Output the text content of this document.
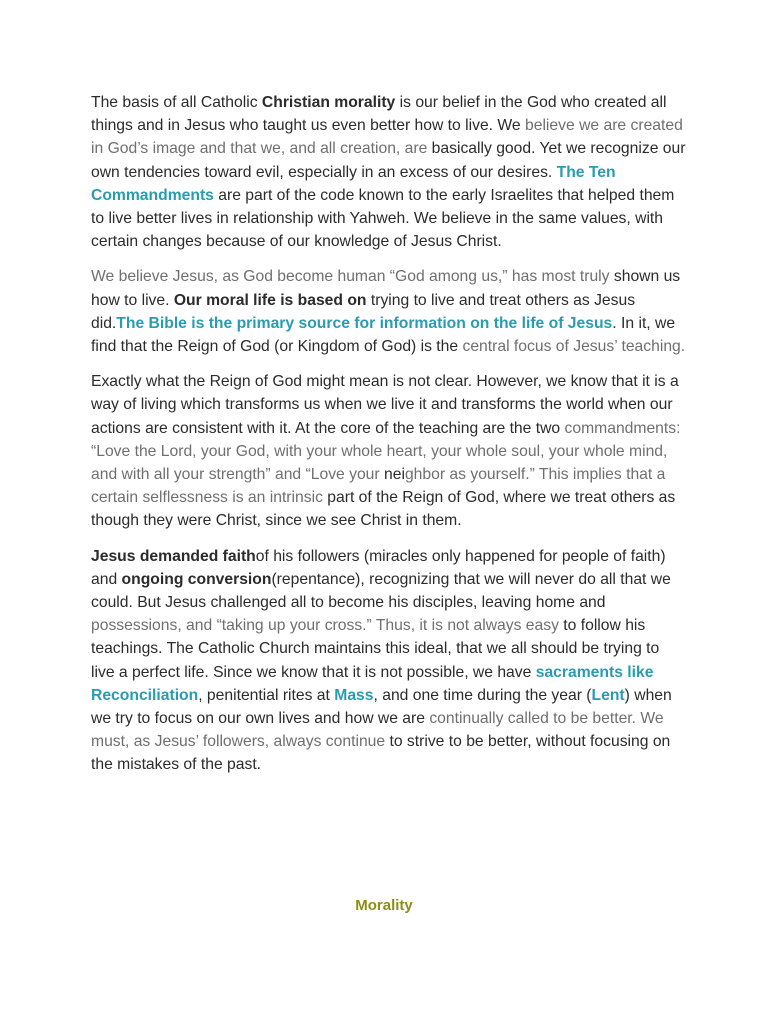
The basis of all Catholic Christian morality is our belief in the God who created all things and in Jesus who taught us even better how to live. We believe we are created in God’s image and that we, and all creation, are basically good. Yet we recognize our own tendencies toward evil, especially in an excess of our desires. The Ten Commandments are part of the code known to the early Israelites that helped them to live better lives in relationship with Yahweh. We believe in the same values, with certain changes because of our knowledge of Jesus Christ.

We believe Jesus, as God become human “God among us,” has most truly shown us how to live. Our moral life is based on trying to live and treat others as Jesus did.The Bible is the primary source for information on the life of Jesus. In it, we find that the Reign of God (or Kingdom of God) is the central focus of Jesus’ teaching.

Exactly what the Reign of God might mean is not clear. However, we know that it is a way of living which transforms us when we live it and transforms the world when our actions are consistent with it. At the core of the teaching are the two commandments: “Love the Lord, your God, with your whole heart, your whole soul, your whole mind, and with all your strength” and “Love your neighbor as yourself.” This implies that a certain selflessness is an intrinsic part of the Reign of God, where we treat others as though they were Christ, since we see Christ in them.

Jesus demanded faithof his followers (miracles only happened for people of faith) and ongoing conversion(repentance), recognizing that we will never do all that we could. But Jesus challenged all to become his disciples, leaving home and possessions, and “taking up your cross.” Thus, it is not always easy to follow his teachings. The Catholic Church maintains this ideal, that we all should be trying to live a perfect life. Since we know that it is not possible, we have sacraments like Reconciliation, penitential rites at Mass, and one time during the year (Lent) when we try to focus on our own lives and how we are continually called to be better. We must, as Jesus’ followers, always continue to strive to be better, without focusing on the mistakes of the past.

Morality
